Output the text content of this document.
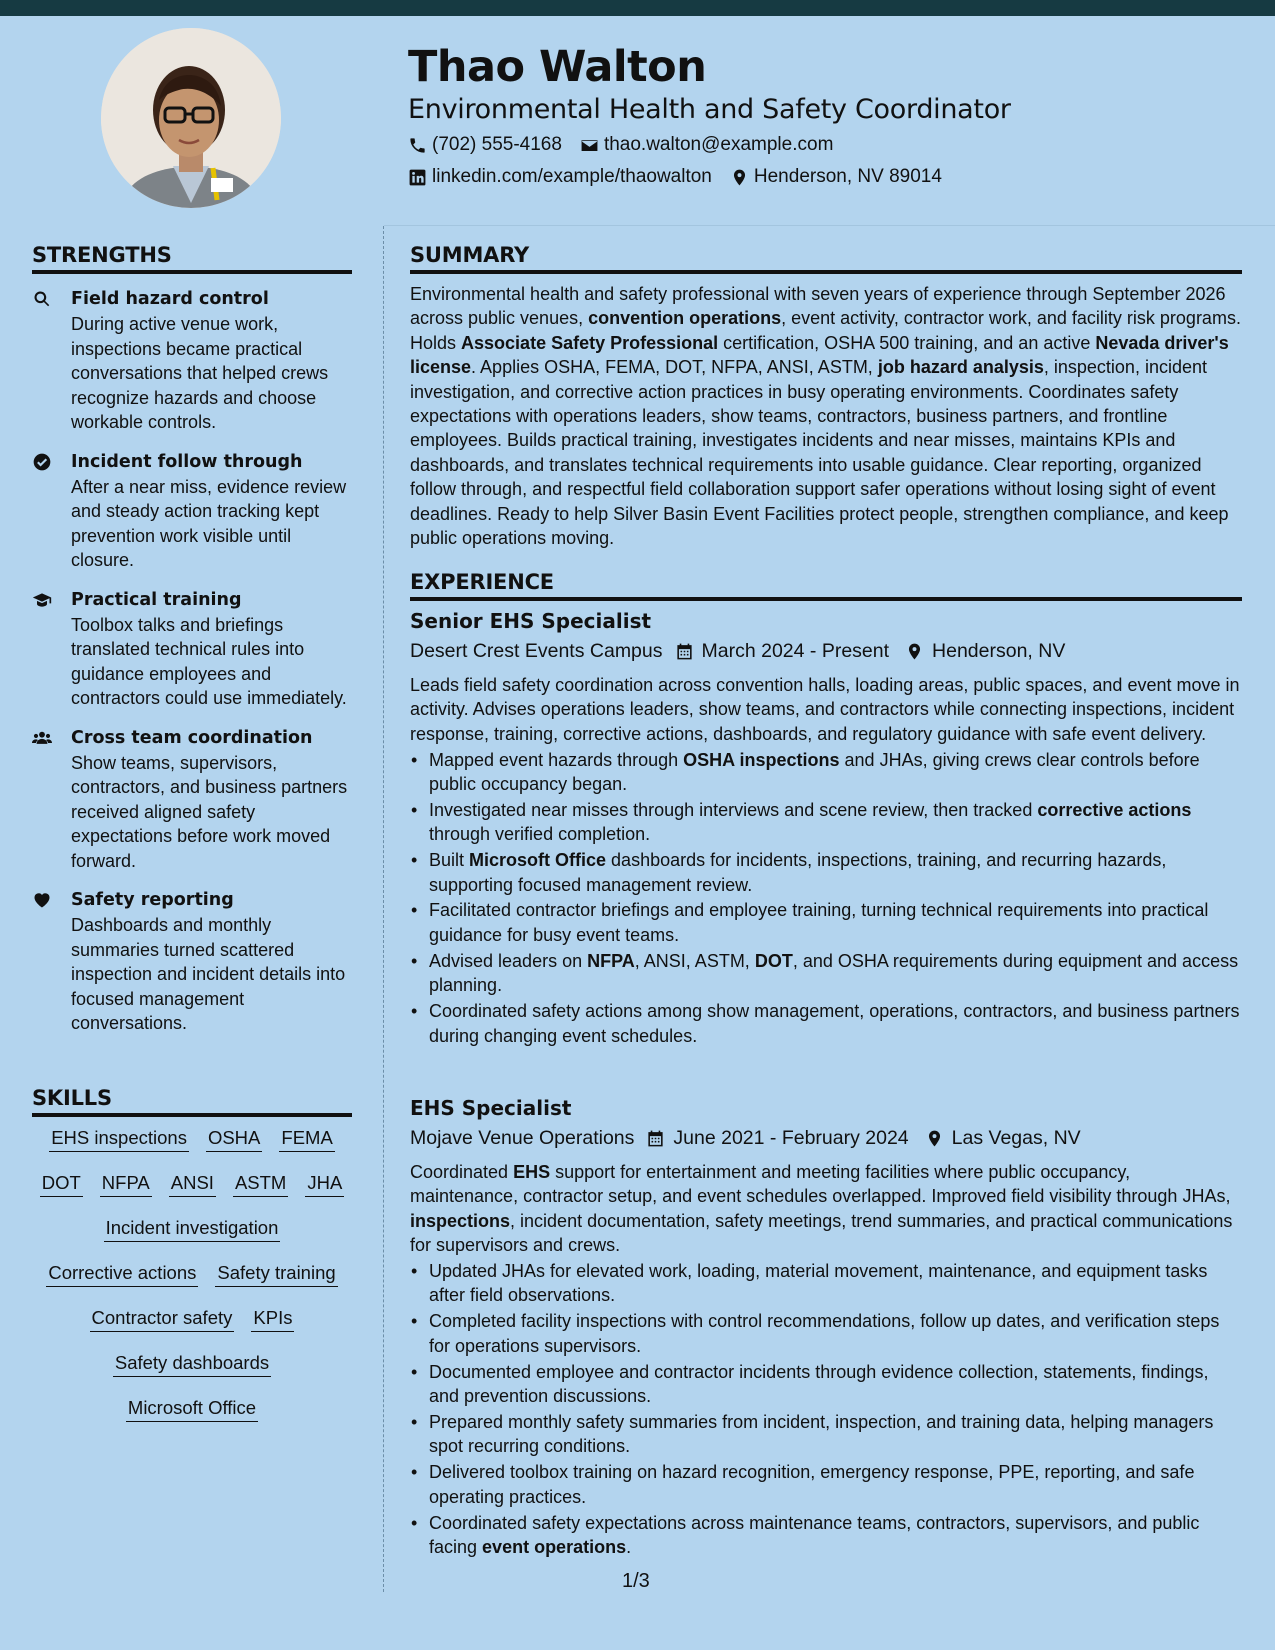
Thao Walton
Environmental Health and Safety Coordinator
(702) 555-4168 thao.walton@example.com
linkedin.com/example/thaowalton Henderson, NV 89014
STRENGTHS
Field hazard control
During active venue work, inspections became practical conversations that helped crews recognize hazards and choose workable controls.
Incident follow through
After a near miss, evidence review and steady action tracking kept prevention work visible until closure.
Practical training
Toolbox talks and briefings translated technical rules into guidance employees and contractors could use immediately.
Cross team coordination
Show teams, supervisors, contractors, and business partners received aligned safety expectations before work moved forward.
Safety reporting
Dashboards and monthly summaries turned scattered inspection and incident details into focused management conversations.
SKILLS
EHS inspections OSHA FEMA
DOT NFPA ANSI ASTM JHA
Incident investigation
Corrective actions Safety training
Contractor safety KPIs
Safety dashboards
Microsoft Office
SUMMARY

Environmental health and safety professional with seven years of experience through September 2026 across public venues, convention operations, event activity, contractor work, and facility risk programs. Holds Associate Safety Professional certification, OSHA 500 training, and an active Nevada driver's license. Applies OSHA, FEMA, DOT, NFPA, ANSI, ASTM, job hazard analysis, inspection, incident investigation, and corrective action practices in busy operating environments. Coordinates safety expectations with operations leaders, show teams, contractors, business partners, and frontline employees. Builds practical training, investigates incidents and near misses, maintains KPIs and dashboards, and translates technical requirements into usable guidance. Clear reporting, organized follow through, and respectful field collaboration support safer operations without losing sight of event deadlines. Ready to help Silver Basin Event Facilities protect people, strengthen compliance, and keep public operations moving.

EXPERIENCE
Senior EHS Specialist
Desert Crest Events Campus March 2024 - Present Henderson, NV

Leads field safety coordination across convention halls, loading areas, public spaces, and event move in activity. Advises operations leaders, show teams, and contractors while connecting inspections, incident response, training, corrective actions, dashboards, and regulatory guidance with safe event delivery.

• Mapped event hazards through OSHA inspections and JHAs, giving crews clear controls before public occupancy began.
• Investigated near misses through interviews and scene review, then tracked corrective actions through verified completion.
• Built Microsoft Office dashboards for incidents, inspections, training, and recurring hazards, supporting focused management review.
• Facilitated contractor briefings and employee training, turning technical requirements into practical guidance for busy event teams.
• Advised leaders on NFPA, ANSI, ASTM, DOT, and OSHA requirements during equipment and access planning.
• Coordinated safety actions among show management, operations, contractors, and business partners during changing event schedules.
EHS Specialist
Mojave Venue Operations June 2021 - February 2024 Las Vegas, NV

Coordinated EHS support for entertainment and meeting facilities where public occupancy, maintenance, contractor setup, and event schedules overlapped. Improved field visibility through JHAs, inspections, incident documentation, safety meetings, trend summaries, and practical communications for supervisors and crews.

• Updated JHAs for elevated work, loading, material movement, maintenance, and equipment tasks after field observations.
• Completed facility inspections with control recommendations, follow up dates, and verification steps for operations supervisors.
• Documented employee and contractor incidents through evidence collection, statements, findings, and prevention discussions.
• Prepared monthly safety summaries from incident, inspection, and training data, helping managers spot recurring conditions.
• Delivered toolbox training on hazard recognition, emergency response, PPE, reporting, and safe operating practices.
• Coordinated safety expectations across maintenance teams, contractors, supervisors, and public facing event operations.
1/3
